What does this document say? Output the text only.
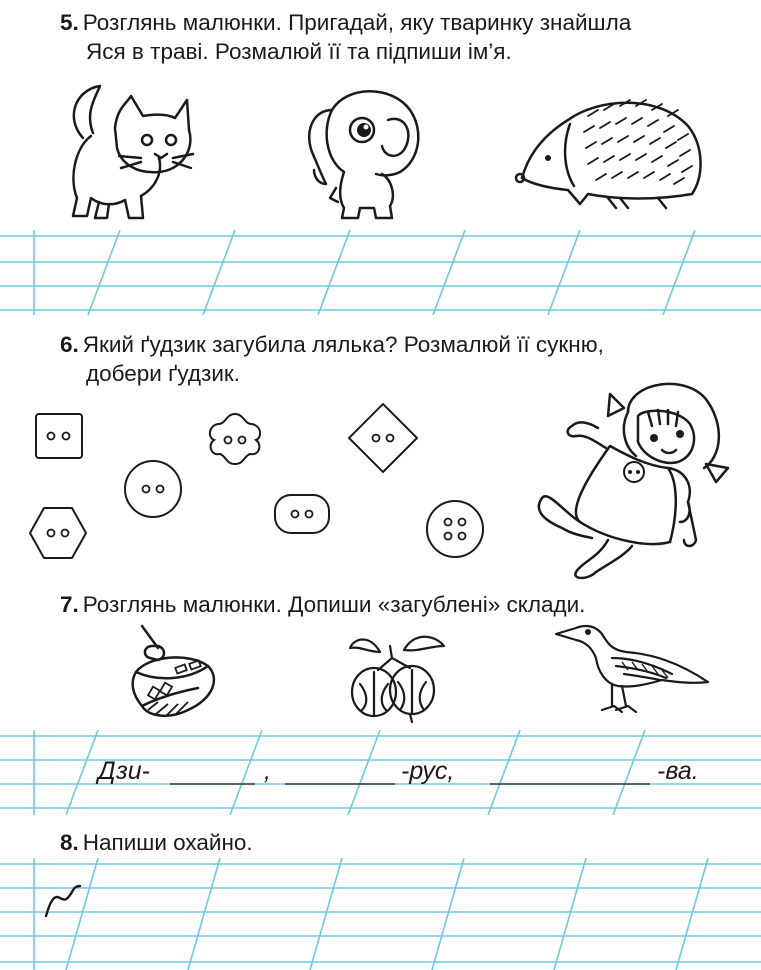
5. Розглянь малюнки. Пригадай, яку тваринку знайшла
Яся в траві. Розмалюй її та підпиши ім’я.

6. Який ґудзик загубила лялька? Розмалюй її сукню,
добери ґудзик.

7. Розглянь малюнки. Допиши «загублені» склади.

Дзи-	,	-рус,	-ва.

8. Напиши охайно.
